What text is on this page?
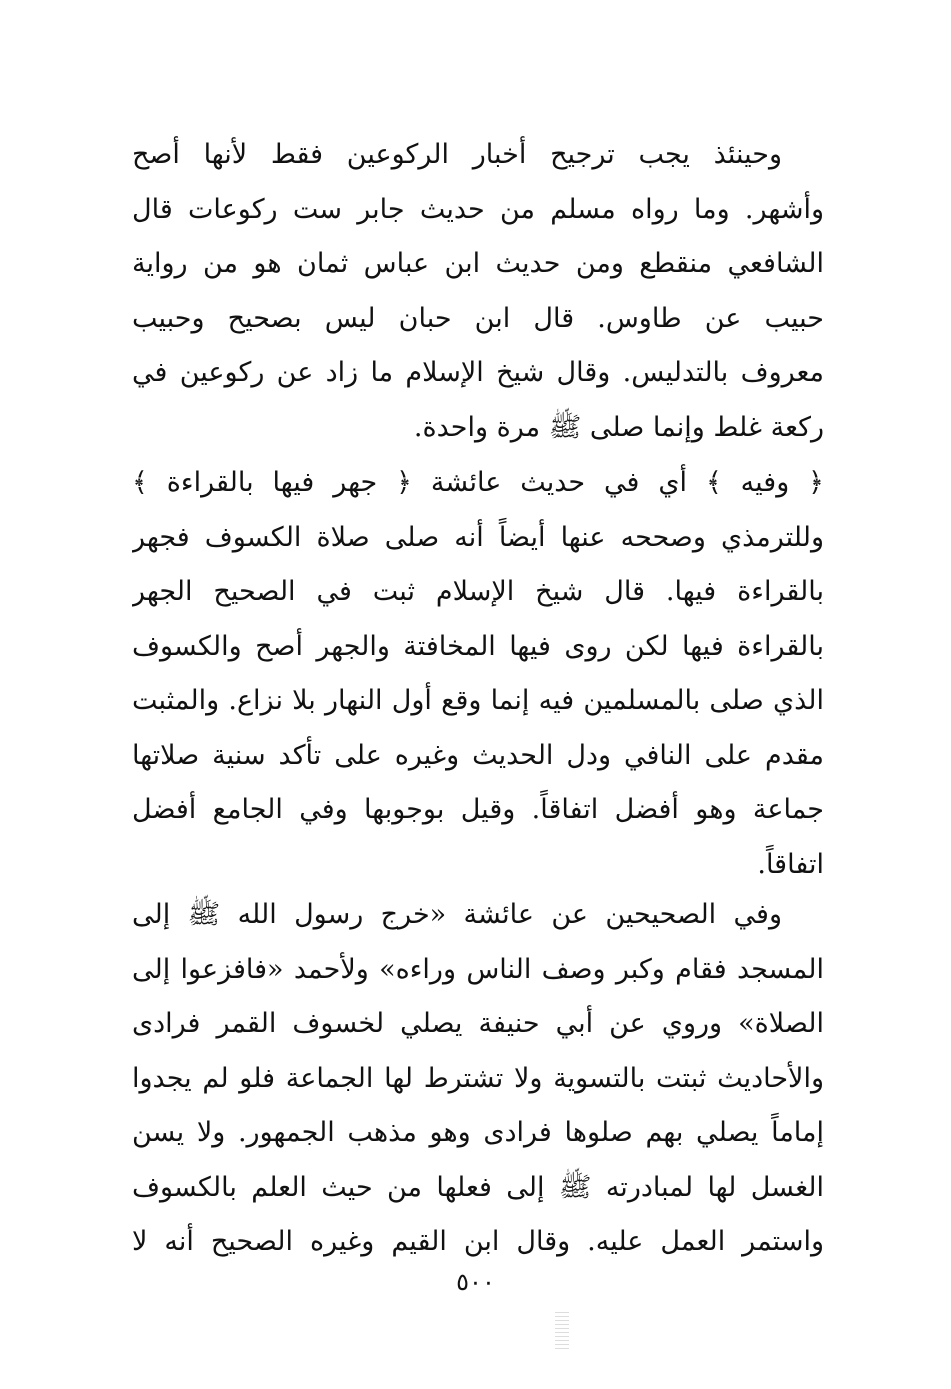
وحينئذ يجب ترجيح أخبار الركوعين فقط لأنها أصح
وأشهر. وما رواه مسلم من حديث جابر ست ركوعات قال
الشافعي منقطع ومن حديث ابن عباس ثمان هو من رواية
حبيب عن طاوس. قال ابن حبان ليس بصحيح وحبيب
معروف بالتدليس. وقال شيخ الإسلام ما زاد عن ركوعين في
ركعة غلط وإنما صلى ﷺ مرة واحدة.
﴿ وفيه ﴾ أي في حديث عائشة ﴿ جهر فيها بالقراءة ﴾
وللترمذي وصححه عنها أيضاً أنه صلى صلاة الكسوف فجهر
بالقراءة فيها. قال شيخ الإسلام ثبت في الصحيح الجهر
بالقراءة فيها لكن روى فيها المخافتة والجهر أصح والكسوف
الذي صلى بالمسلمين فيه إنما وقع أول النهار بلا نزاع. والمثبت
مقدم على النافي ودل الحديث وغيره على تأكد سنية صلاتها
جماعة وهو أفضل اتفاقاً. وقيل بوجوبها وفي الجامع أفضل
اتفاقاً.
وفي الصحيحين عن عائشة «خرج رسول الله ﷺ إلى
المسجد فقام وكبر وصف الناس وراءه» ولأحمد «فافزعوا إلى
الصلاة» وروي عن أبي حنيفة يصلي لخسوف القمر فرادى
والأحاديث ثبتت بالتسوية ولا تشترط لها الجماعة فلو لم يجدوا
إماماً يصلي بهم صلوها فرادى وهو مذهب الجمهور. ولا يسن
الغسل لها لمبادرته ﷺ إلى فعلها من حيث العلم بالكسوف
واستمر العمل عليه. وقال ابن القيم وغيره الصحيح أنه لا
٥٠٠
